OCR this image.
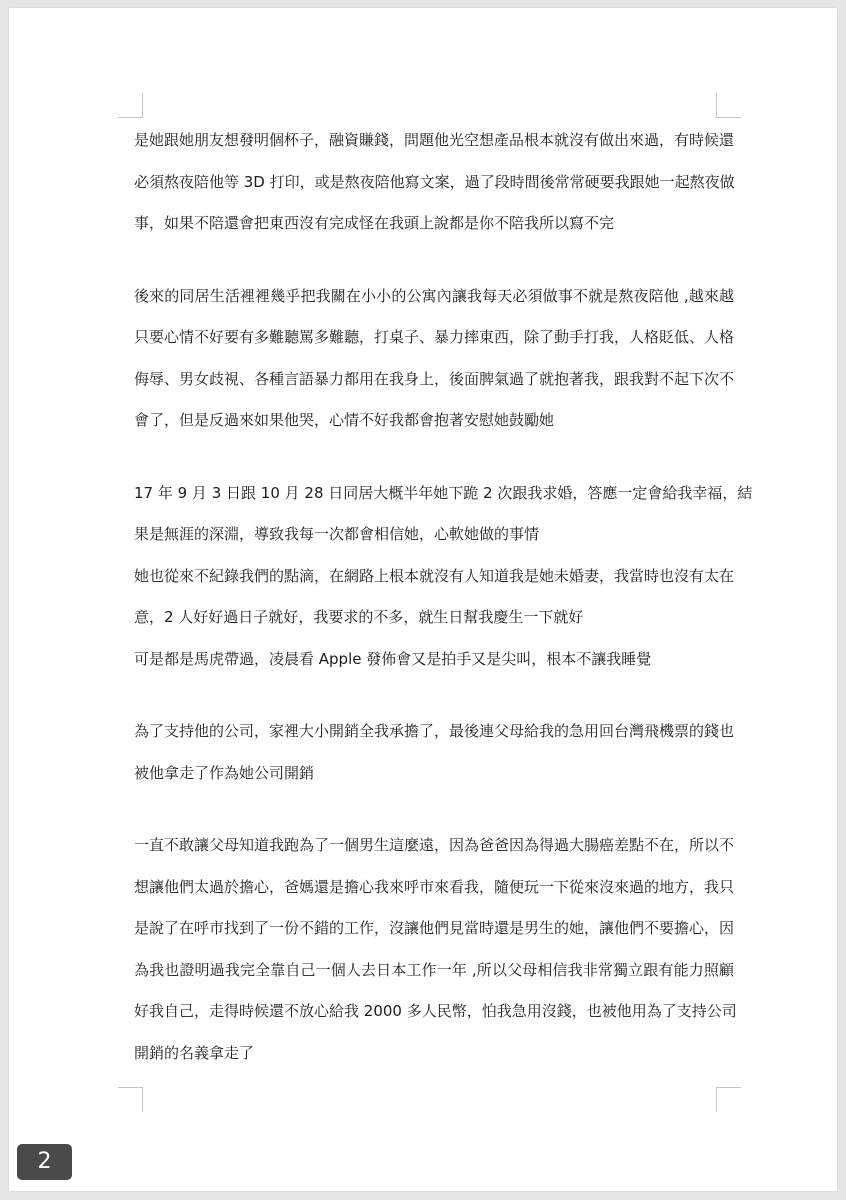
是她跟她朋友想發明個杯子，融資賺錢，問題他光空想產品根本就沒有做出來過，有時候還
必須熬夜陪他等 3D 打印，或是熬夜陪他寫文案，過了段時間後常常硬要我跟她一起熬夜做
事，如果不陪還會把東西沒有完成怪在我頭上說都是你不陪我所以寫不完
後來的同居生活裡裡幾乎把我關在小小的公寓內讓我每天必須做事不就是熬夜陪他 ,越來越
只要心情不好要有多難聽罵多難聽，打桌子、暴力摔東西，除了動手打我，人格貶低、人格
侮辱、男女歧視、各種言語暴力都用在我身上，後面脾氣過了就抱著我，跟我對不起下次不
會了，但是反過來如果他哭，心情不好我都會抱著安慰她鼓勵她
17 年 9 月 3 日跟 10 月 28 日同居大概半年她下跪 2 次跟我求婚，答應一定會給我幸福，結
果是無涯的深淵，導致我每一次都會相信她，心軟她做的事情
她也從來不紀錄我們的點滴，在網路上根本就沒有人知道我是她未婚妻，我當時也沒有太在
意，2 人好好過日子就好，我要求的不多，就生日幫我慶生一下就好
可是都是馬虎帶過，凌晨看 Apple 發佈會又是拍手又是尖叫，根本不讓我睡覺
為了支持他的公司，家裡大小開銷全我承擔了，最後連父母給我的急用回台灣飛機票的錢也
被他拿走了作為她公司開銷
一直不敢讓父母知道我跑為了一個男生這麼遠，因為爸爸因為得過大腸癌差點不在，所以不
想讓他們太過於擔心，爸媽還是擔心我來呼市來看我，隨便玩一下從來沒來過的地方，我只
是說了在呼市找到了一份不錯的工作，沒讓他們見當時還是男生的她，讓他們不要擔心，因
為我也證明過我完全靠自己一個人去日本工作一年 ,所以父母相信我非常獨立跟有能力照顧
好我自己，走得時候還不放心給我 2000 多人民幣，怕我急用沒錢，也被他用為了支持公司
開銷的名義拿走了
2
